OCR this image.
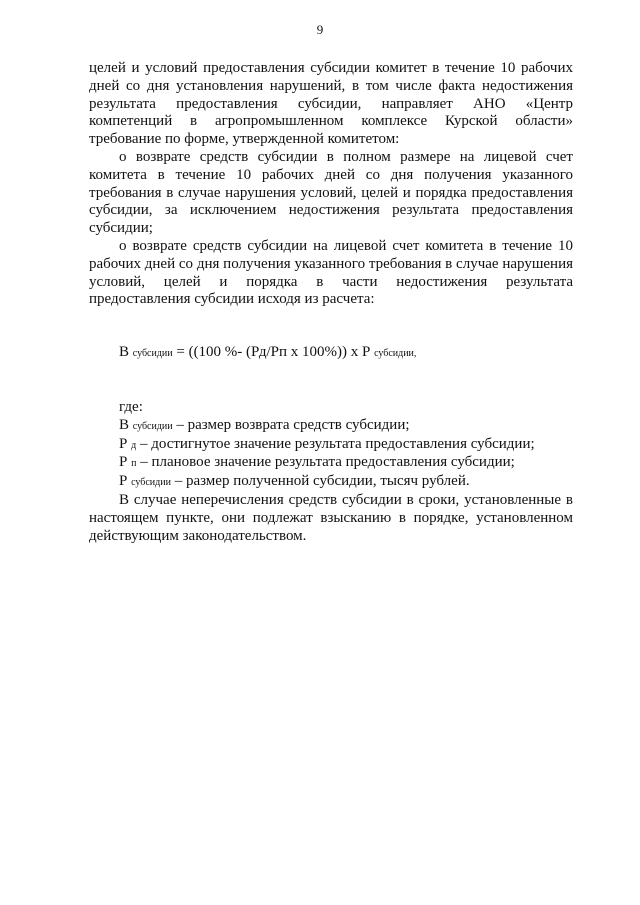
9

целей и условий предоставления субсидии комитет в течение 10 рабочих дней со дня установления нарушений, в том числе факта недостижения результата предоставления субсидии, направляет АНО «Центр компетенций в агропромышленном комплексе Курской области» требование по форме, утвержденной комитетом:

о возврате средств субсидии в полном размере на лицевой счет комитета в течение 10 рабочих дней со дня получения указанного требования в случае нарушения условий, целей и порядка предоставления субсидии, за исключением недостижения результата предоставления субсидии;

о возврате средств субсидии на лицевой счет комитета в течение 10 рабочих дней со дня получения указанного требования в случае нарушения условий, целей и порядка в части недостижения результата предоставления субсидии исходя из расчета:

В субсидии = ((100 %- (Рд/Рп х 100%)) х Р субсидии,

где:

В субсидии – размер возврата средств субсидии;

Р д – достигнутое значение результата предоставления субсидии;

Р п – плановое значение результата предоставления субсидии;

Р субсидии – размер полученной субсидии, тысяч рублей.

В случае неперечисления средств субсидии в сроки, установленные в настоящем пункте, они подлежат взысканию в порядке, установленном действующим законодательством.
